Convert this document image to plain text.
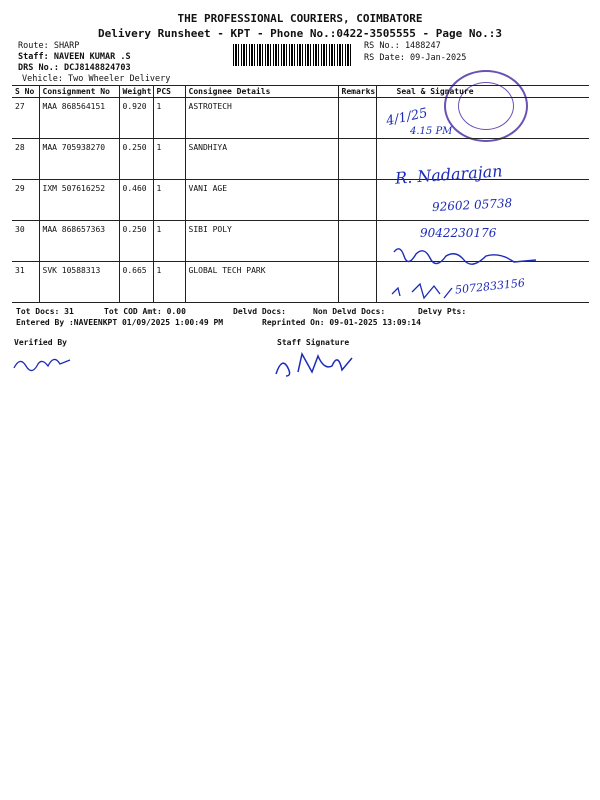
THE PROFESSIONAL COURIERS, COIMBATORE
Delivery Runsheet - KPT - Phone No.:0422-3505555 - Page No.:3
Route: SHARP
Staff: NAVEEN KUMAR .S
DRS No.: DCJ8148824703
Vehicle: Two Wheeler Delivery
RS No.: 1488247
RS Date: 09-Jan-2025
S No	Consignment No	Weight	PCS	Consignee Details	Remarks	Seal & Signature
27	MAA 868564151	0.920	1	ASTROTECH		
28	MAA 705938270	0.250	1	SANDHIYA		
29	IXM 507616252	0.460	1	VANI AGE		
30	MAA 868657363	0.250	1	SIBI POLY		
31	SVK 10588313	0.665	1	GLOBAL TECH PARK		
4/1/25
4.15 PM
R. Nadarajan
92602 05738
9042230176
5072833156
Tot Docs: 31	Tot COD Amt: 0.00	Delvd Docs:	Non Delvd Docs:	Delvy Pts:
Entered By :NAVEENKPT 01/09/2025 1:00:49 PM	Reprinted On: 09-01-2025 13:09:14
Verified By	Staff Signature
